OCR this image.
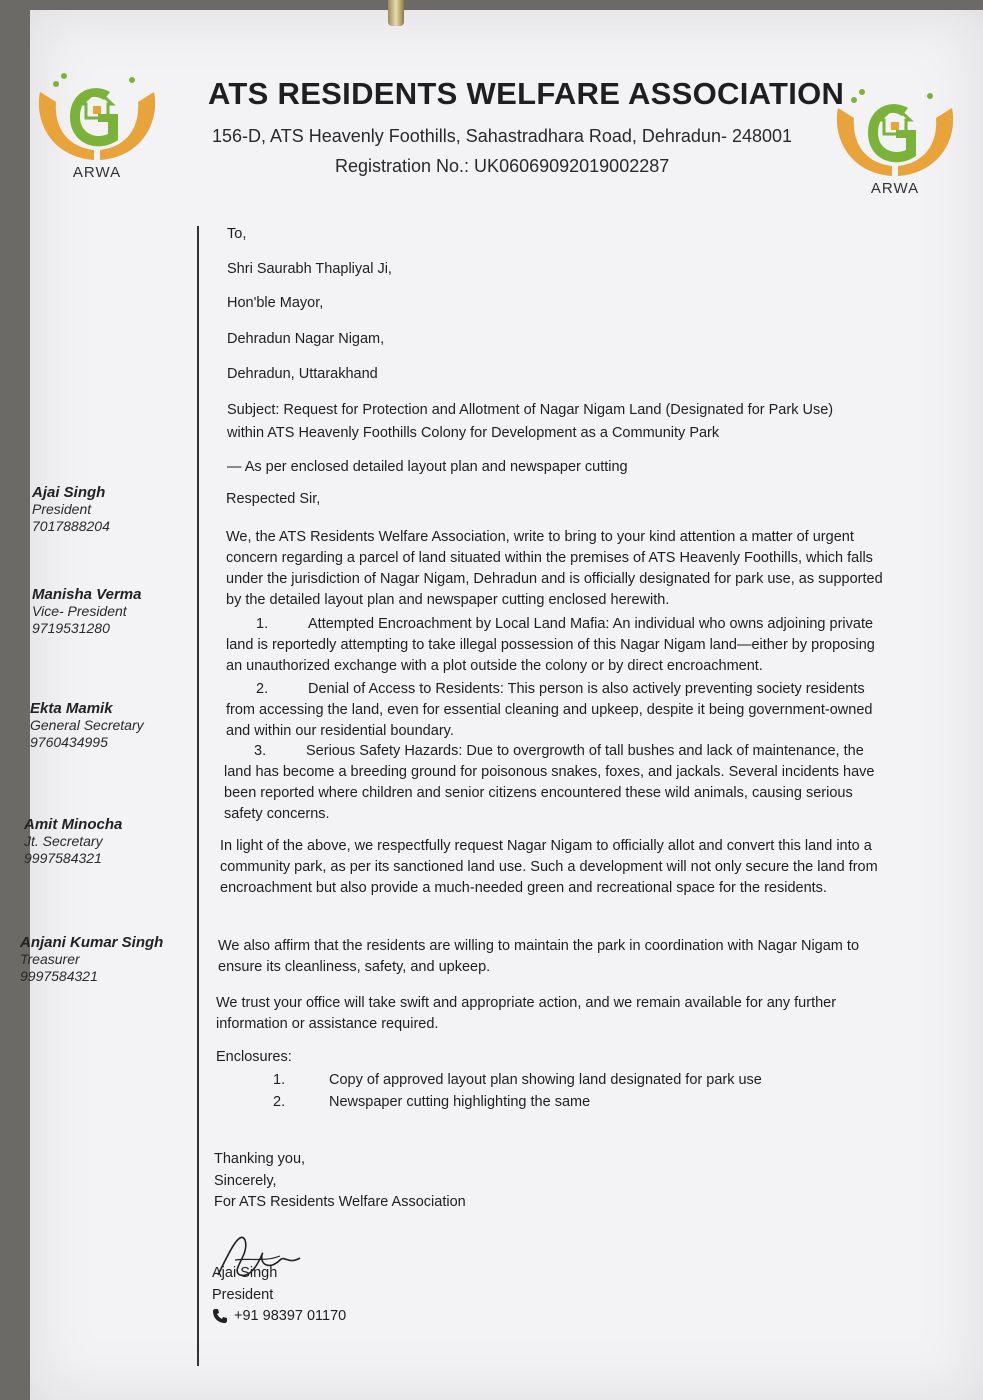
ARWA
ARWA
ATS RESIDENTS WELFARE ASSOCIATION
156-D, ATS Heavenly Foothills, Sahastradhara Road, Dehradun- 248001
Registration No.: UK06069092019002287
Ajai Singh
President
7017888204
Manisha Verma
Vice- President
9719531280
Ekta Mamik
General Secretary
9760434995
Amit Minocha
Jt. Secretary
9997584321
Anjani Kumar Singh
Treasurer
9997584321
To,
Shri Saurabh Thapliyal Ji,
Hon'ble Mayor,
Dehradun Nagar Nigam,
Dehradun, Uttarakhand
Subject: Request for Protection and Allotment of Nagar Nigam Land (Designated for Park Use)
within ATS Heavenly Foothills Colony for Development as a Community Park
— As per enclosed detailed layout plan and newspaper cutting
Respected Sir,
We, the ATS Residents Welfare Association, write to bring to your kind attention a matter of urgent concern regarding a parcel of land situated within the premises of ATS Heavenly Foothills, which falls under the jurisdiction of Nagar Nigam, Dehradun and is officially designated for park use, as supported by the detailed layout plan and newspaper cutting enclosed herewith.
1.	Attempted Encroachment by Local Land Mafia: An individual who owns adjoining private land is reportedly attempting to take illegal possession of this Nagar Nigam land—either by proposing an unauthorized exchange with a plot outside the colony or by direct encroachment.
2.	Denial of Access to Residents: This person is also actively preventing society residents from accessing the land, even for essential cleaning and upkeep, despite it being government-owned and within our residential boundary.
3.	Serious Safety Hazards: Due to overgrowth of tall bushes and lack of maintenance, the land has become a breeding ground for poisonous snakes, foxes, and jackals. Several incidents have been reported where children and senior citizens encountered these wild animals, causing serious safety concerns.
In light of the above, we respectfully request Nagar Nigam to officially allot and convert this land into a community park, as per its sanctioned land use. Such a development will not only secure the land from encroachment but also provide a much-needed green and recreational space for the residents.
We also affirm that the residents are willing to maintain the park in coordination with Nagar Nigam to ensure its cleanliness, safety, and upkeep.
We trust your office will take swift and appropriate action, and we remain available for any further information or assistance required.
Enclosures:
1.	Copy of approved layout plan showing land designated for park use
2.	Newspaper cutting highlighting the same
Thanking you,
Sincerely,
For ATS Residents Welfare Association
Ajai Singh
President
+91 98397 01170
